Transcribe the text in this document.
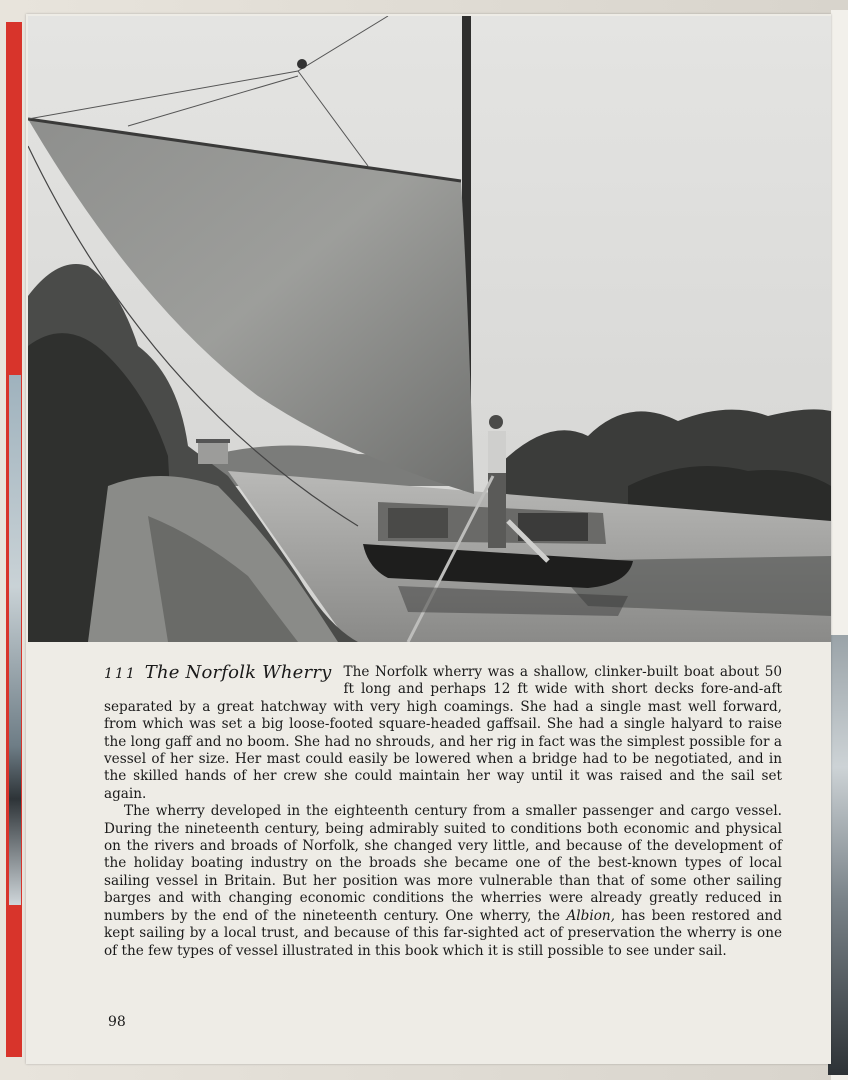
111 The Norfolk Wherry The Norfolk wherry was a shallow, clinker-built boat about 50 ft long and perhaps 12 ft wide with short decks fore-and-aft separated by a great hatchway with very high coamings. She had a single mast well forward, from which was set a big loose-footed square-headed gaffsail. She had a single halyard to raise the long gaff and no boom. She had no shrouds, and her rig in fact was the simplest possible for a vessel of her size. Her mast could easily be lowered when a bridge had to be negotiated, and in the skilled hands of her crew she could maintain her way until it was raised and the sail set again.

The wherry developed in the eighteenth century from a smaller passenger and cargo vessel. During the nineteenth century, being admirably suited to conditions both economic and physical on the rivers and broads of Norfolk, she changed very little, and because of the development of the holiday boating industry on the broads she became one of the best-known types of local sailing vessel in Britain. But her position was more vulnerable than that of some other sailing barges and with changing economic conditions the wherries were already greatly reduced in numbers by the end of the nineteenth century. One wherry, the Albion, has been restored and kept sailing by a local trust, and because of this far-sighted act of preservation the wherry is one of the few types of vessel illustrated in this book which it is still possible to see under sail.

98
